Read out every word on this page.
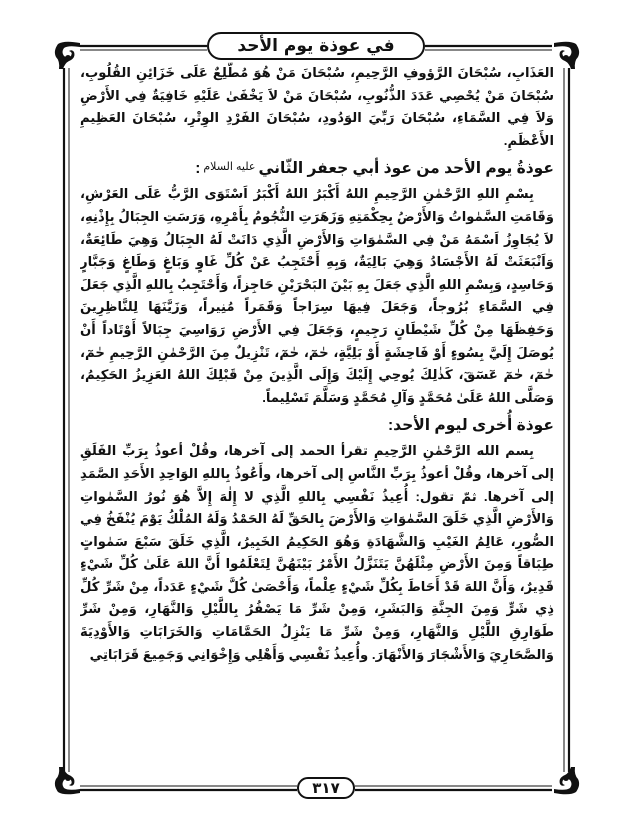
في عوذة يوم الأحد

العَذَابِ، سُبْحَانَ الرَّؤوفِ الرَّحِيمِ، سُبْحَانَ مَنْ هُوَ مُطَّلِعٌ عَلَى خَزَائِنِ القُلُوبِ، سُبْحَانَ مَنْ يُحْصِي عَدَدَ الذُّنُوبِ، سُبْحَانَ مَنْ لاَ يَخْفَىٰ عَلَيْهِ خَافِيَةٌ فِي الأَرْضِ وَلاَ فِي السَّمَاءِ، سُبْحَانَ رَبِّيَ الوَدُودِ، سُبْحَانَ الفَرْدِ الوِتْرِ، سُبْحَانَ العَظِيمِ الأَعْظَمِ.

عوذةُ يوم الأحد من عوذ أبي جعفر الثّانيعليه السلام:

بِسْمِ اللهِ الرَّحْمٰنِ الرَّحِيمِ اللهُ أَكْبَرُ اللهُ أَكْبَرُ اَسْتَوَى الرَّبُّ عَلَى العَرْشِ، وَقَامَتِ السَّمٰواتُ وَالأَرْضُ بِحِكْمَتِهِ وَزَهَرَتِ النُّجُومُ بِأَمْرِهِ، وَرَسَتِ الجِبَالُ بِإِذْنِهِ، لاَ يُجَاوِزُ اَسْمَهُ مَنْ فِي السَّمٰوَاتِ وَالأَرْضِ الَّذِي دَانَتْ لَهُ الجِبَالُ وَهِيَ طَائِعَةٌ، وَاَنْبَعَثَتْ لَهُ الأَجْسَادُ وَهِيَ بَالِيَةٌ، وَبِهِ أَحْتَجِبُ عَنْ كُلِّ غَاوٍ وَبَاغٍ وَطَاغٍ وَجَبَّارٍ وَحَاسِدٍ، وَبِسْمِ اللهِ الَّذِي جَعَلَ بِهِ بَيْنَ البَحْرَيْنِ حَاجِزاً، وَأَحْتَجِبُ بِاللهِ الَّذِي جَعَلَ فِي السَّمَاءِ بُرُوجاً، وَجَعَلَ فِيهَا سِرَاجاً وَقَمَراً مُنِيراً، وَزَيَّنَهَا لِلنَّاظِرِينَ وَحَفِظَهَا مِنْ كُلِّ شَيْطَانٍ رَجِيمٍ، وَجَعَلَ فِي الأَرْضِ رَوَاسِيَ جِبَالاً أَوْتَاداً أَنْ يُوصَلَ إِلَيَّ بِسُوءٍ أَوْ فَاحِشَةٍ أَوْ بَلِيَّةٍ، حٰمٓ، حٰمٓ، تَنْزِيلٌ مِنَ الرَّحْمٰنِ الرَّحِيمِ حٰمٓ، حٰمٓ، حٰمٓ عٓسٓقٓ، كَذٰلِكَ يُوحِي إِلَيْكَ وَإِلَى الَّذِينَ مِنْ قَبْلِكَ اللهُ العَزِيزُ الحَكِيمُ، وَصَلَّى اللهُ عَلَىٰ مُحَمَّدٍ وَآلِ مُحَمَّدٍ وَسَلَّمَ تَسْلِيماً.

عوذة أُخرى ليوم الأحد:

بِسم الله الرَّحْمٰنِ الرَّحِيمِ تقرأ الحمد إلى آخرها، وقُلْ أعوذُ بِرَبِّ الفَلَقِ إلى آخرها، وقُلْ أعوذُ بِرَبِّ النَّاسِ إلى آخرها، وأَعُوذُ بِاللهِ الوَاحِدِ الأَحَدِ الصَّمَدِ إلى آخرها. ثمّ تقول: أُعِيذُ نَفْسِي بِاللهِ الَّذِي لا إِلٰهَ إِلاَّ هُوَ نُورُ السَّمٰواتِ وَالأَرْضِ الَّذِي خَلَقَ السَّمٰوَاتِ وَالأَرْضَ بِالحَقِّ لَهُ الحَمْدُ وَلَهُ المُلْكُ يَوْمَ يُنْفَخُ فِي الصُّورِ، عَالِمُ الغَيْبِ وَالشَّهَادَةِ وَهُوَ الحَكِيمُ الخَبِيرُ، الَّذِي خَلَقَ سَبْعَ سَمٰواتٍ طِبَاقاً وَمِنَ الأَرْضِ مِثْلَهُنَّ يَتَنَزَّلُ الأَمْرُ بَيْنَهُنَّ لِتَعْلَمُوا أَنَّ اللهَ عَلَىٰ كُلِّ شَيْءٍ قَدِيرٌ، وَأَنَّ اللهَ قَدْ أَحَاطَ بِكُلِّ شَيْءٍ عِلْماً، وَأَحْصَىٰ كُلَّ شَيْءٍ عَدَداً، مِنْ شَرِّ كُلِّ ذِي شَرٍّ وَمِنَ الجِنَّةِ وَالبَشَرِ، وَمِنْ شَرِّ مَا يَصْفُرُ بِاللَّيْلِ وَالنَّهَارِ، وَمِنْ شَرِّ طَوَارِقِ اللَّيْلِ وَالنَّهَارِ، وَمِنْ شَرِّ مَا يَنْزِلُ الحَمَّامَاتِ وَالخَرَابَاتِ وَالأَوْدِيَةَ وَالصَّحَارِيَ وَالأَشْجَارَ وَالأَنْهَارَ. وأُعِيذُ نَفْسِي وَأَهْلِي وَإِخْوَانِي وَجَمِيعَ قَرَابَاتِي

٣١٧
